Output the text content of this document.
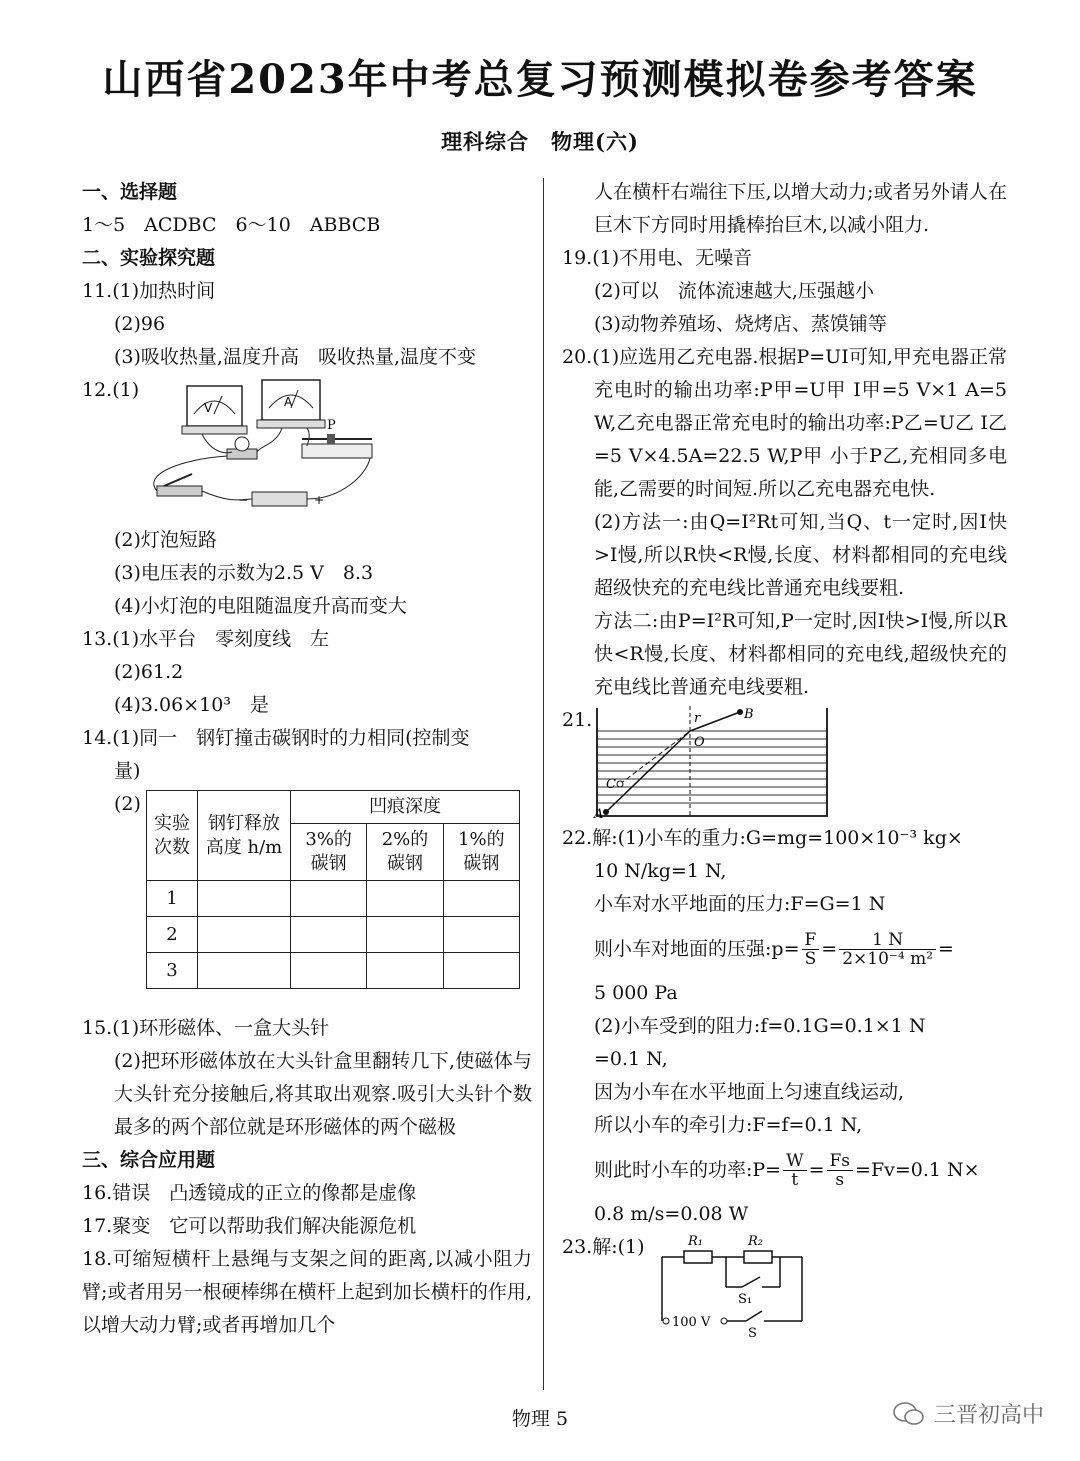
山西省2023年中考总复习预测模拟卷参考答案
理科综合　物理(六)
一、选择题
1～5　ACDBC　6～10　ABBCB
二、实验探究题
11.(1)加热时间
(2)96
(3)吸收热量,温度升高　吸收热量,温度不变
12.(1)
V	A
P
−	+
(2)灯泡短路
(3)电压表的示数为2.5 V　8.3
(4)小灯泡的电阻随温度升高而变大
13.(1)水平台　零刻度线　左
(2)61.2
(4)3.06×10³　是
14.(1)同一　钢钉撞击碳钢时的力相同(控制变
量)
(2)
实验次数	钢钉释放高度 h/m	凹痕深度		
		3%的碳钢	2%的碳钢	1%的碳钢
1				
2				
3				
15.(1)环形磁体、一盒大头针
(2)把环形磁体放在大头针盒里翻转几下,使磁体与大头针充分接触后,将其取出观察.吸引大头针个数最多的两个部位就是环形磁体的两个磁极
三、综合应用题
16.错误　凸透镜成的正立的像都是虚像
17.聚变　它可以帮助我们解决能源危机
18.可缩短横杆上悬绳与支架之间的距离,以减小阻力臂;或者用另一根硬棒绑在横杆上起到加长横杆的作用,以增大动力臂;或者再增加几个
人在横杆右端往下压,以增大动力;或者另外请人在巨木下方同时用撬棒抬巨木,以减小阻力.
19.(1)不用电、无噪音
(2)可以　流体流速越大,压强越小
(3)动物养殖场、烧烤店、蒸馍铺等
20.(1)应选用乙充电器.根据P=UI可知,甲充电器正常充电时的输出功率:P甲=U甲 I甲=5 V×1 A=5 W,乙充电器正常充电时的输出功率:P乙=U乙 I乙=5 V×4.5A=22.5 W,P甲 小于P乙,充相同多电能,乙需要的时间短.所以乙充电器充电快.
(2)方法一:由Q=I²Rt可知,当Q、t一定时,因I快>I慢,所以R快<R慢,长度、材料都相同的充电线超级快充的充电线比普通充电线要粗.
方法二:由P=I²R可知,P一定时,因I快>I慢,所以R快<R慢,长度、材料都相同的充电线,超级快充的充电线比普通充电线要粗.
21.	B
r
O
C
A
22.解:(1)小车的重力:G=mg=100×10⁻³ kg×
10 N/kg=1 N,
小车对水平地面的压力:F=G=1 N
则小车对地面的压强:p= $\frac{F}{S} = \frac{1 N}{\text{2×10⁻⁴ m²}}$ =
5 000 Pa
(2)小车受到的阻力:f=0.1G=0.1×1 N
=0.1 N,
因为小车在水平地面上匀速直线运动,
所以小车的牵引力:F=f=0.1 N,
则此时小车的功率:P= $\frac{W}{t} = \frac{Fs}{s} =Fv=0.1$ N×
0.8 m/s=0.08 W
23.解:(1)	R₁	R₂
S₁
100 V
S
物理 5	三晋初高中
